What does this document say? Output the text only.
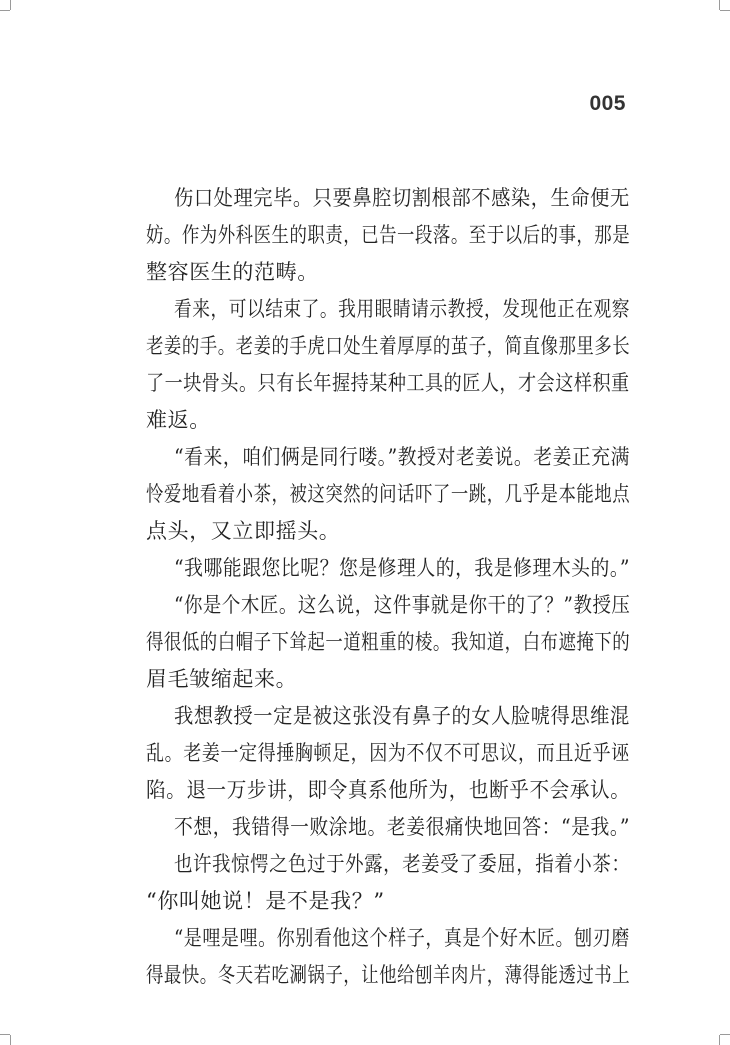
005
伤口处理完毕。只要鼻腔切割根部不感染，生命便无
妨。作为外科医生的职责，已告一段落。至于以后的事，那是
整容医生的范畴。
看来，可以结束了。我用眼睛请示教授，发现他正在观察
老姜的手。老姜的手虎口处生着厚厚的茧子，简直像那里多长
了一块骨头。只有长年握持某种工具的匠人，才会这样积重
难返。
“看来，咱们俩是同行喽。”教授对老姜说。老姜正充满
怜爱地看着小茶，被这突然的问话吓了一跳，几乎是本能地点
点头，又立即摇头。
“我哪能跟您比呢？您是修理人的，我是修理木头的。”
“你是个木匠。这么说，这件事就是你干的了？”教授压
得很低的白帽子下耸起一道粗重的棱。我知道，白布遮掩下的
眉毛皱缩起来。
我想教授一定是被这张没有鼻子的女人脸唬得思维混
乱。老姜一定得捶胸顿足，因为不仅不可思议，而且近乎诬
陷。退一万步讲，即令真系他所为，也断乎不会承认。
不想，我错得一败涂地。老姜很痛快地回答：“是我。”
也许我惊愕之色过于外露，老姜受了委屈，指着小茶：
“你叫她说！是不是我？”
“是哩是哩。你别看他这个样子，真是个好木匠。刨刃磨
得最快。冬天若吃涮锅子，让他给刨羊肉片，薄得能透过书上
